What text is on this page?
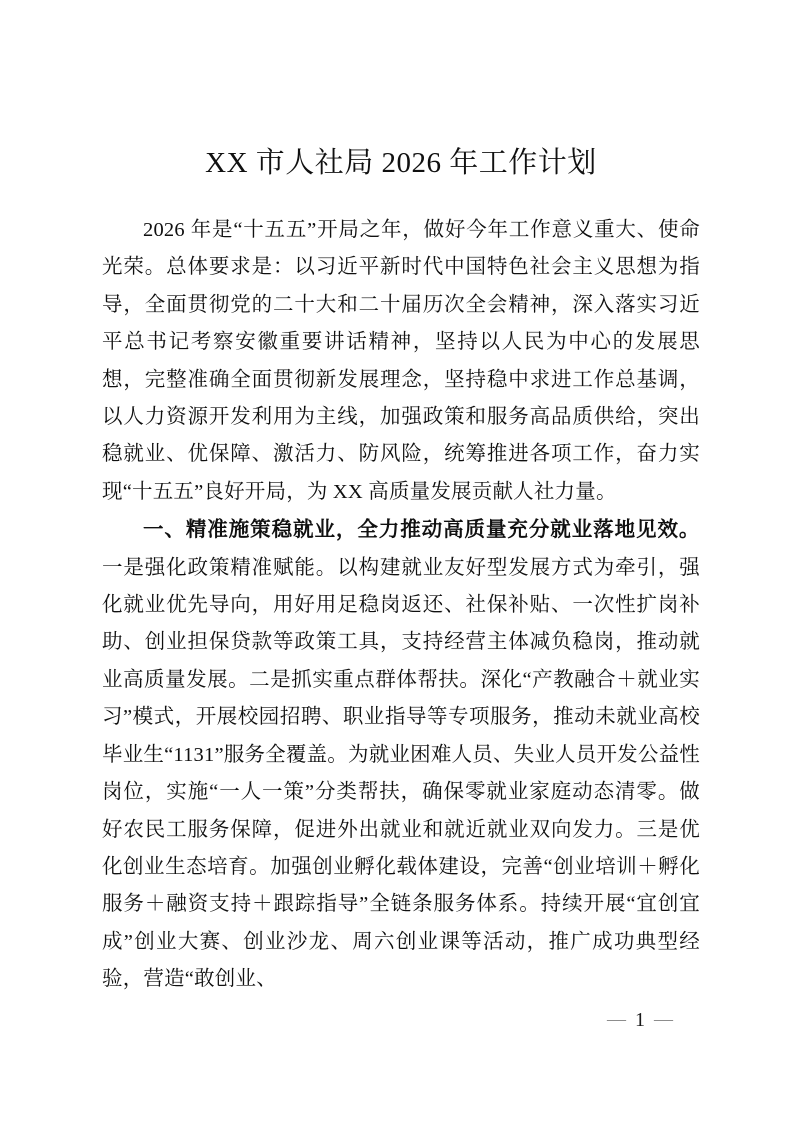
XX 市人社局 2026 年工作计划

2026 年是“十五五”开局之年，做好今年工作意义重大、使命光荣。总体要求是：以习近平新时代中国特色社会主义思想为指导，全面贯彻党的二十大和二十届历次全会精神，深入落实习近平总书记考察安徽重要讲话精神，坚持以人民为中心的发展思想，完整准确全面贯彻新发展理念，坚持稳中求进工作总基调，以人力资源开发利用为主线，加强政策和服务高品质供给，突出稳就业、优保障、激活力、防风险，统筹推进各项工作，奋力实现“十五五”良好开局，为 XX 高质量发展贡献人社力量。

一、精准施策稳就业，全力推动高质量充分就业落地见效。一是强化政策精准赋能。以构建就业友好型发展方式为牵引，强化就业优先导向，用好用足稳岗返还、社保补贴、一次性扩岗补助、创业担保贷款等政策工具，支持经营主体减负稳岗，推动就业高质量发展。二是抓实重点群体帮扶。深化“产教融合＋就业实习”模式，开展校园招聘、职业指导等专项服务，推动未就业高校毕业生“1131”服务全覆盖。为就业困难人员、失业人员开发公益性岗位，实施“一人一策”分类帮扶，确保零就业家庭动态清零。做好农民工服务保障，促进外出就业和就近就业双向发力。三是优化创业生态培育。加强创业孵化载体建设，完善“创业培训＋孵化服务＋融资支持＋跟踪指导”全链条服务体系。持续开展“宜创宜成”创业大赛、创业沙龙、周六创业课等活动，推广成功典型经验，营造“敢创业、

— 1 —
